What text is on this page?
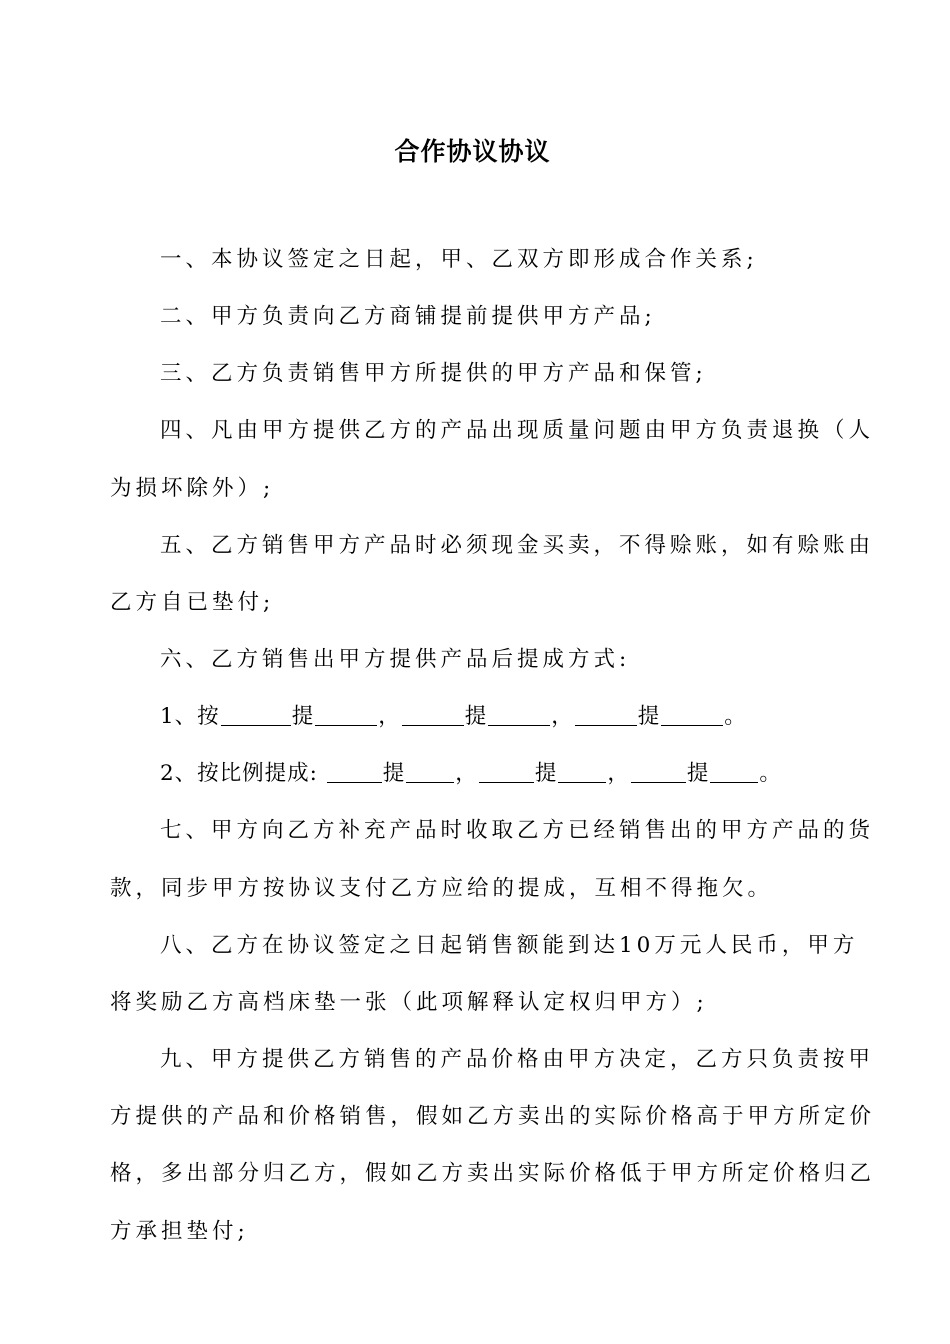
合作协议协议
一、本协议签定之日起，甲、乙双方即形成合作关系;
二、甲方负责向乙方商铺提前提供甲方产品;
三、乙方负责销售甲方所提供的甲方产品和保管;
四、凡由甲方提供乙方的产品出现质量问题由甲方负责退换（人
为损坏除外）;
五、乙方销售甲方产品时必须现金买卖，不得赊账，如有赊账由
乙方自已垫付;
六、乙方销售出甲方提供产品后提成方式:
1、按	提	，	提	，	提	。
2、按比例提成:	提 ，	提 ，	提 。
七、甲方向乙方补充产品时收取乙方已经销售出的甲方产品的货
款，同步甲方按协议支付乙方应给的提成，互相不得拖欠。
八、乙方在协议签定之日起销售额能到达10万元人民币，甲方
将奖励乙方高档床垫一张（此项解释认定权归甲方）;
九、甲方提供乙方销售的产品价格由甲方决定，乙方只负责按甲
方提供的产品和价格销售，假如乙方卖出的实际价格高于甲方所定价
格，多出部分归乙方，假如乙方卖出实际价格低于甲方所定价格归乙
方承担垫付;
